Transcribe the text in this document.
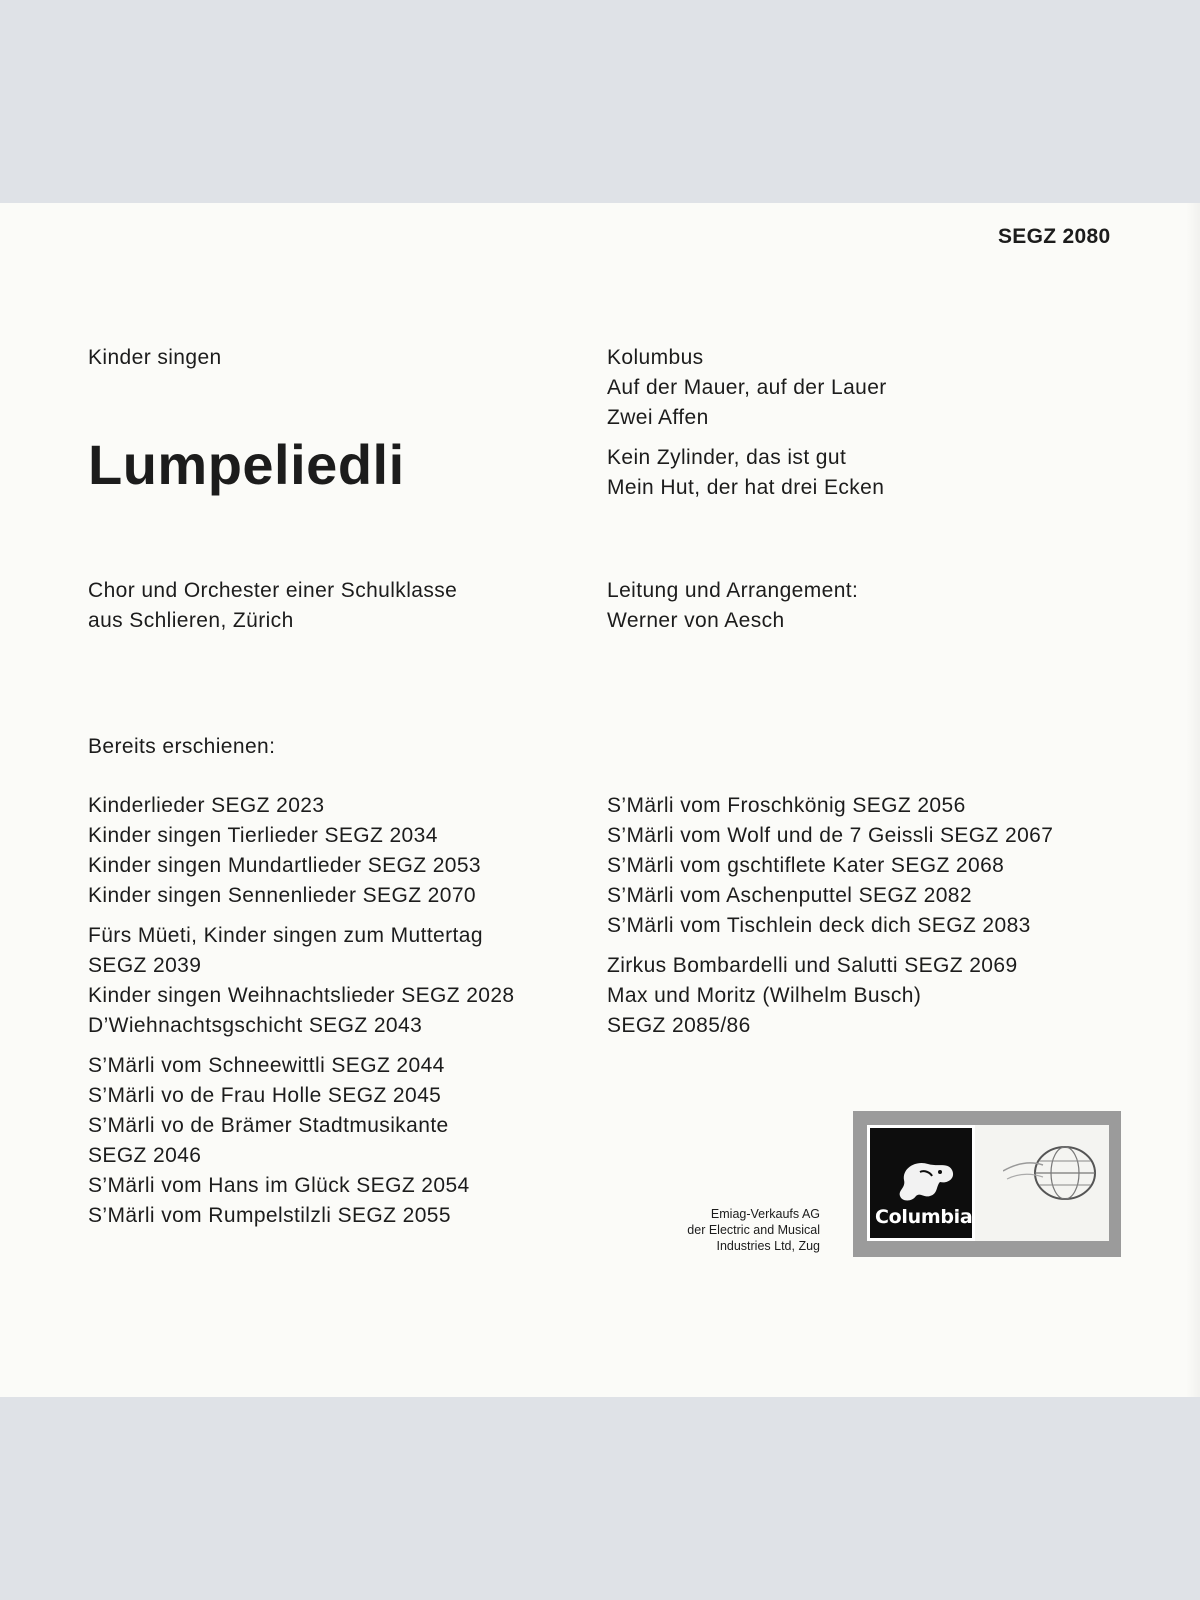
SEGZ 2080
Kinder singen
Lumpeliedli
Kolumbus
Auf der Mauer, auf der Lauer
Zwei Affen
Kein Zylinder, das ist gut
Mein Hut, der hat drei Ecken
Chor und Orchester einer Schulklasse
aus Schlieren, Zürich
Leitung und Arrangement:
Werner von Aesch
Bereits erschienen:
Kinderlieder SEGZ 2023
Kinder singen Tierlieder SEGZ 2034
Kinder singen Mundartlieder SEGZ 2053
Kinder singen Sennenlieder SEGZ 2070
Fürs Müeti, Kinder singen zum Muttertag
SEGZ 2039
Kinder singen Weihnachtslieder SEGZ 2028
D’Wiehnachtsgschicht SEGZ 2043
S’Märli vom Schneewittli SEGZ 2044
S’Märli vo de Frau Holle SEGZ 2045
S’Märli vo de Brämer Stadtmusikante
SEGZ 2046
S’Märli vom Hans im Glück SEGZ 2054
S’Märli vom Rumpelstilzli SEGZ 2055
S’Märli vom Froschkönig SEGZ 2056
S’Märli vom Wolf und de 7 Geissli SEGZ 2067
S’Märli vom gschtiflete Kater SEGZ 2068
S’Märli vom Aschenputtel SEGZ 2082
S’Märli vom Tischlein deck dich SEGZ 2083
Zirkus Bombardelli und Salutti SEGZ 2069
Max und Moritz (Wilhelm Busch)
SEGZ 2085/86
Emiag-Verkaufs AG
der Electric and Musical
Industries Ltd, Zug
Columbia
